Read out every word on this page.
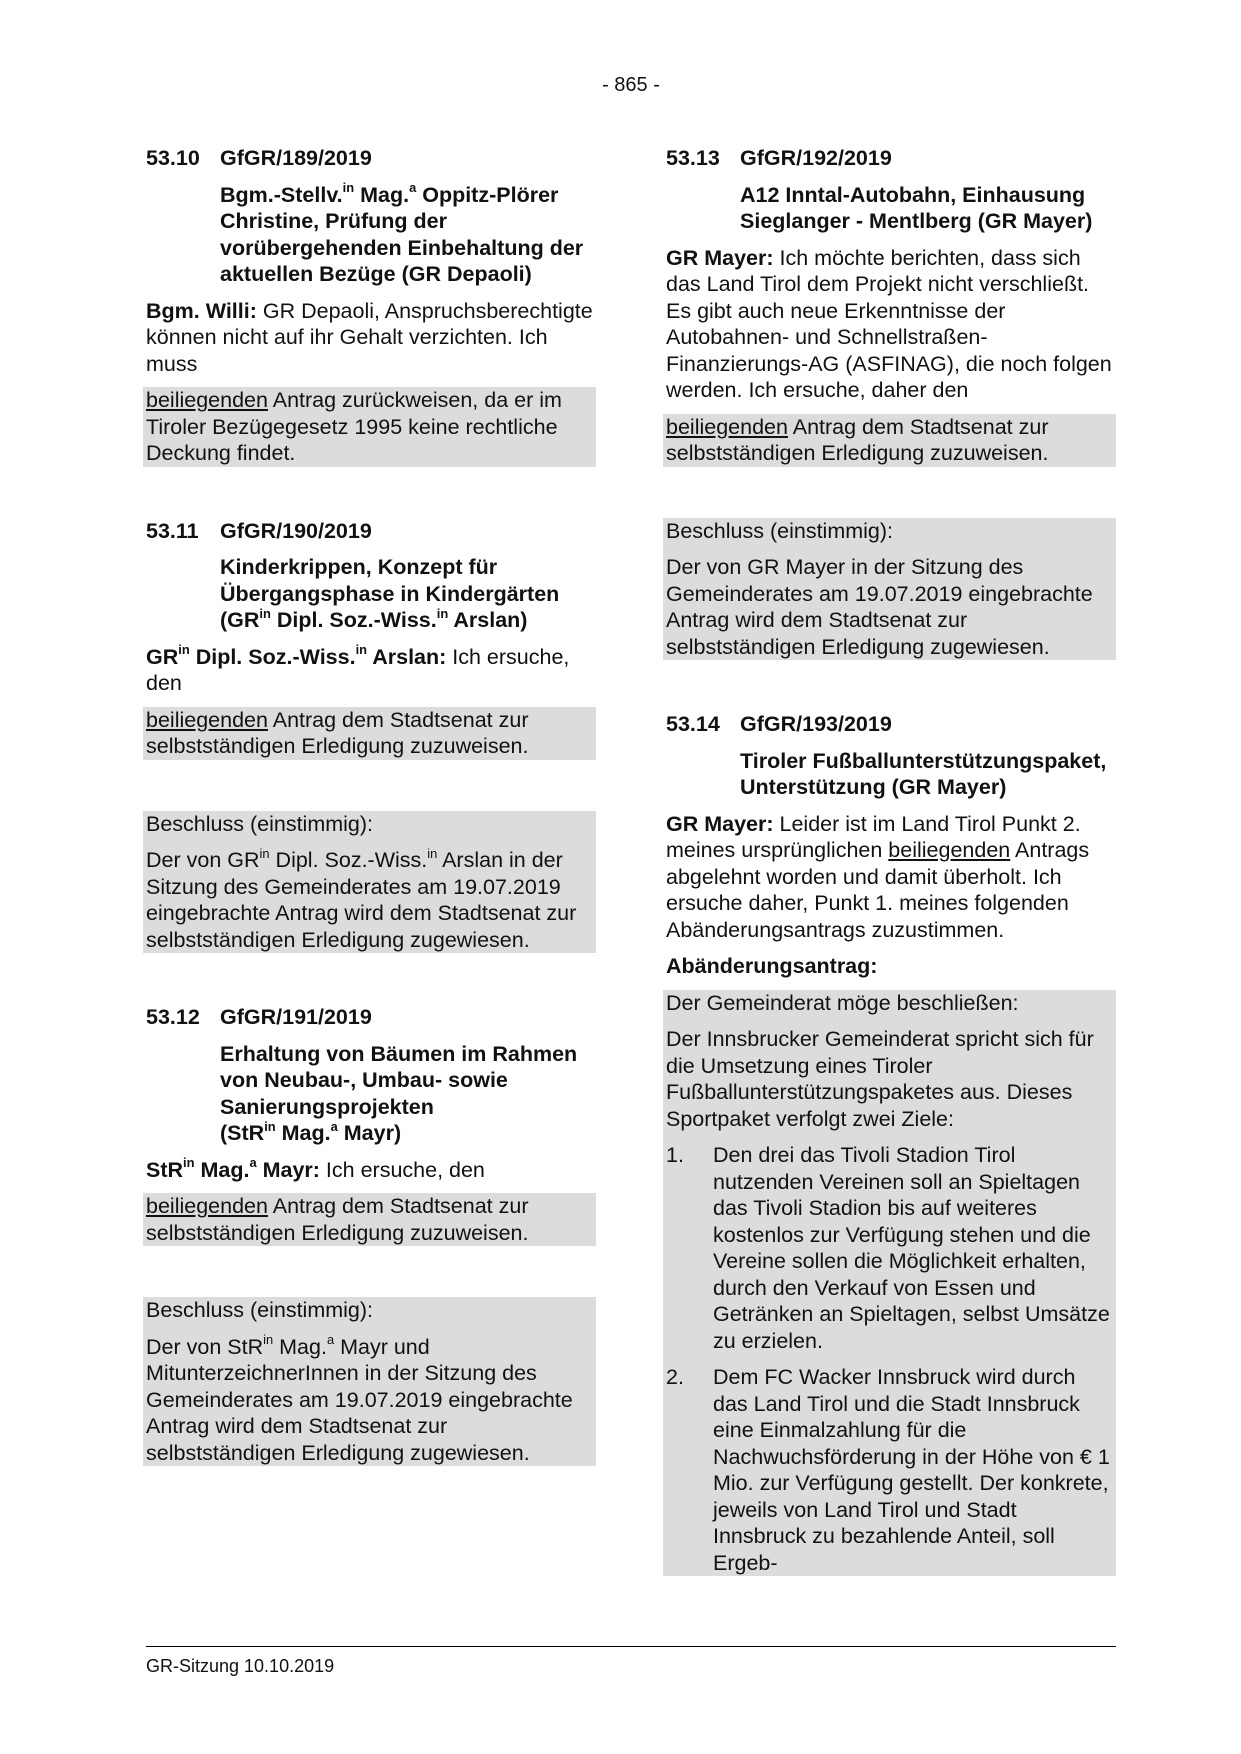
- 865 -
53.10 GfGR/189/2019
Bgm.-Stellv.$^{in}$ Mag.$^a$ Oppitz-Plörer Christine, Prüfung der vorübergehenden Einbehaltung der aktuellen Bezüge (GR Depaoli)

Bgm. Willi: GR Depaoli, Anspruchsberechtigte können nicht auf ihr Gehalt verzichten. Ich muss

beiliegenden Antrag zurückweisen, da er im Tiroler Bezügegesetz 1995 keine rechtliche Deckung findet.

53.11 GfGR/190/2019
Kinderkrippen, Konzept für Übergangsphase in Kindergärten ($GR^{in}$ Dipl. Soz.-Wiss.$^{in}$ Arslan)

$GR^{in}$ Dipl. Soz.-Wiss.$^{in}$ Arslan: Ich ersuche, den

beiliegenden Antrag dem Stadtsenat zur selbstständigen Erledigung zuzuweisen.

Beschluss (einstimmig):

Der von $GR^{in}$ Dipl. Soz.-Wiss.$^{in}$ Arslan in der Sitzung des Gemeinderates am 19.07.2019 eingebrachte Antrag wird dem Stadtsenat zur selbstständigen Erledigung zugewiesen.

53.12 GfGR/191/2019
Erhaltung von Bäumen im Rahmen von Neubau-, Umbau- sowie Sanierungsprojekten
(StR$^{in}$ Mag.$^a$ Mayr)

StR$^{in}$ Mag.$^a$ Mayr: Ich ersuche, den

beiliegenden Antrag dem Stadtsenat zur selbstständigen Erledigung zuzuweisen.

Beschluss (einstimmig):

Der von StR$^{in}$ Mag.$^a$ Mayr und MitunterzeichnerInnen in der Sitzung des Gemeinderates am 19.07.2019 eingebrachte Antrag wird dem Stadtsenat zur selbstständigen Erledigung zugewiesen.

53.13 GfGR/192/2019
A12 Inntal-Autobahn, Einhausung Sieglanger - Mentlberg (GR Mayer)

GR Mayer: Ich möchte berichten, dass sich das Land Tirol dem Projekt nicht verschließt. Es gibt auch neue Erkenntnisse der Autobahnen- und Schnellstraßen-Finanzierungs-AG (ASFINAG), die noch folgen werden. Ich ersuche, daher den

beiliegenden Antrag dem Stadtsenat zur selbstständigen Erledigung zuzuweisen.

Beschluss (einstimmig):

Der von GR Mayer in der Sitzung des Gemeinderates am 19.07.2019 eingebrachte Antrag wird dem Stadtsenat zur selbstständigen Erledigung zugewiesen.

53.14 GfGR/193/2019
Tiroler Fußballunterstützungspaket, Unterstützung (GR Mayer)

GR Mayer: Leider ist im Land Tirol Punkt 2. meines ursprünglichen beiliegenden Antrags abgelehnt worden und damit überholt. Ich ersuche daher, Punkt 1. meines folgenden Abänderungsantrags zuzustimmen.

Abänderungsantrag:

Der Gemeinderat möge beschließen:

Der Innsbrucker Gemeinderat spricht sich für die Umsetzung eines Tiroler Fußballunterstützungspaketes aus. Dieses Sportpaket verfolgt zwei Ziele:

1.	Den drei das Tivoli Stadion Tirol nutzenden Vereinen soll an Spieltagen das Tivoli Stadion bis auf weiteres kostenlos zur Verfügung stehen und die Vereine sollen die Möglichkeit erhalten, durch den Verkauf von Essen und Getränken an Spieltagen, selbst Umsätze zu erzielen.
2.	Dem FC Wacker Innsbruck wird durch das Land Tirol und die Stadt Innsbruck eine Einmalzahlung für die Nachwuchsförderung in der Höhe von € 1 Mio. zur Verfügung gestellt. Der konkrete, jeweils von Land Tirol und Stadt Innsbruck zu bezahlende Anteil, soll Ergeb-
GR-Sitzung 10.10.2019
